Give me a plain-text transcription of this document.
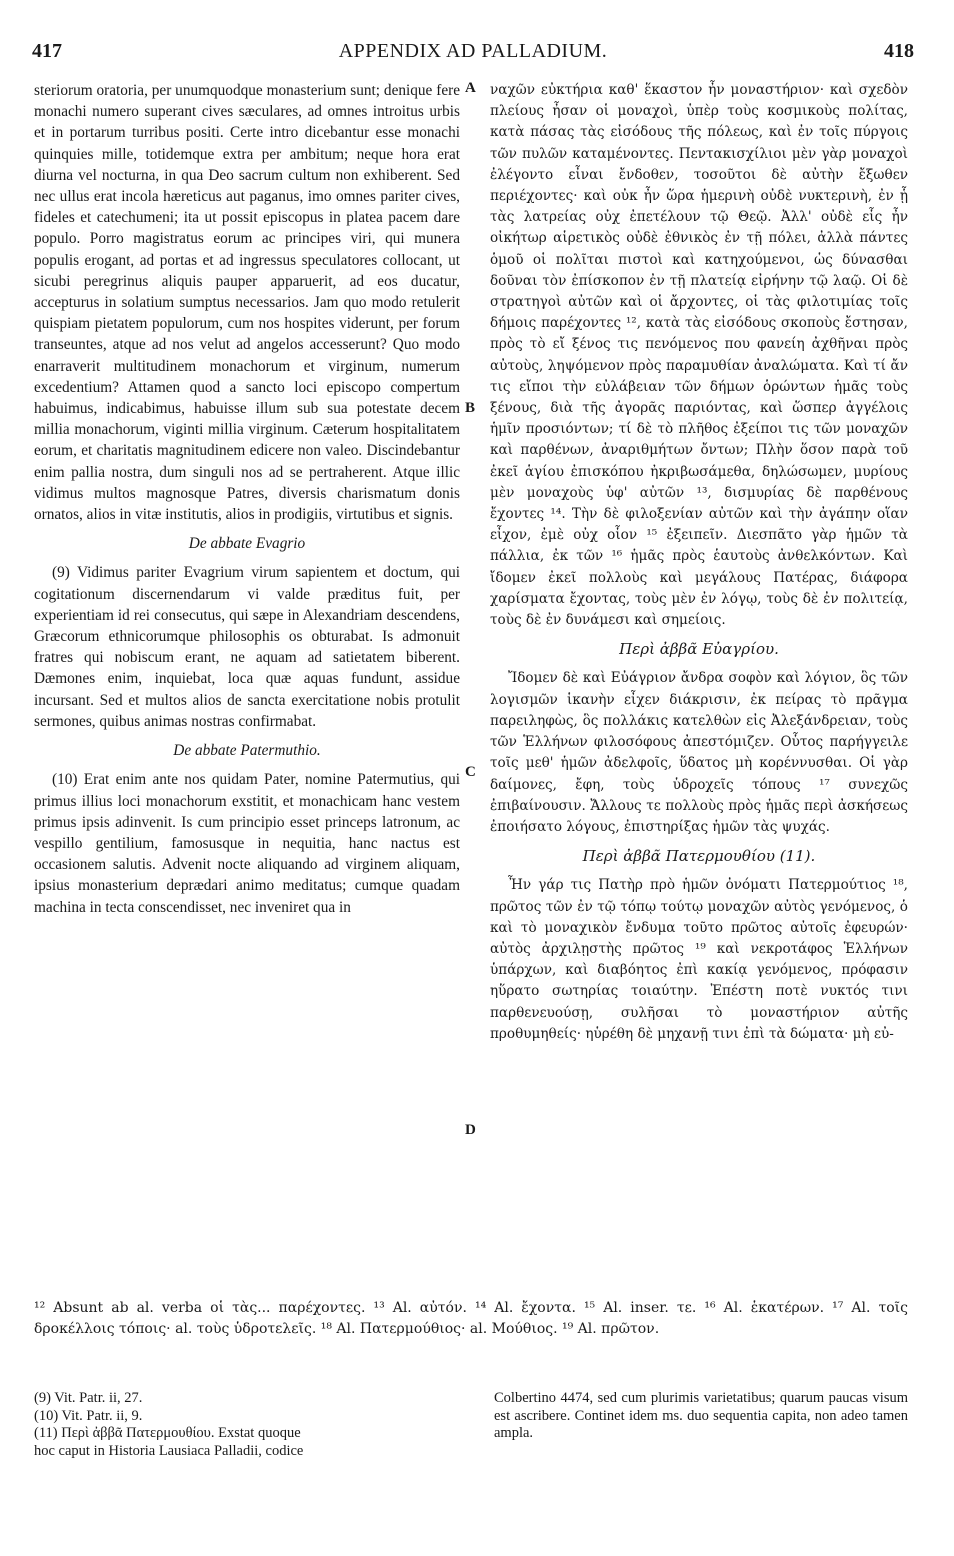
417	APPENDIX AD PALLADIUM.	418
A
B
C
D

steriorum oratoria, per unumquodque monasterium sunt; denique fere monachi numero superant cives sæculares, ad omnes introitus urbis et in portarum turribus positi. Certe intro dicebantur esse monachi quinquies mille, totidemque extra per ambitum; neque hora erat diurna vel nocturna, in qua Deo sacrum cultum non exhiberent. Sed nec ullus erat incola hæreticus aut paganus, imo omnes pariter cives, fideles et catechumeni; ita ut possit episcopus in platea pacem dare populo. Porro magistratus eorum ac principes viri, qui munera populis erogant, ad portas et ad ingressus speculatores collocant, ut sicubi peregrinus aliquis pauper apparuerit, ad eos ducatur, accepturus in solatium sumptus necessarios. Jam quo modo retulerit quispiam pietatem populorum, cum nos hospites viderunt, per forum transeuntes, atque ad nos velut ad angelos accesserunt? Quo modo enarraverit multitudinem monachorum et virginum, numerum excedentium? Attamen quod a sancto loci episcopo compertum habuimus, indicabimus, habuisse illum sub sua potestate decem millia monachorum, viginti millia virginum. Cæterum hospitalitatem eorum, et charitatis magnitudinem edicere non valeo. Discindebantur enim pallia nostra, dum singuli nos ad se pertraherent. Atque illic vidimus multos magnosque Patres, diversis charismatum donis ornatos, alios in vitæ institutis, alios in prodigiis, virtutibus et signis.

De abbate Evagrio

(9) Vidimus pariter Evagrium virum sapientem et doctum, qui cogitationum discernendarum vi valde præditus fuit, per experientiam id rei consecutus, qui sæpe in Alexandriam descendens, Græcorum ethnicorumque philosophis os obturabat. Is admonuit fratres qui nobiscum erant, ne aquam ad satietatem biberent. Dæmones enim, inquiebat, loca quæ aquas fundunt, assidue incursant. Sed et multos alios de sancta exercitatione nobis protulit sermones, quibus animas nostras confirmabat.

De abbate Patermuthio.

(10) Erat enim ante nos quidam Pater, nomine Patermutius, qui primus illius loci monachorum exstitit, et monachicam hanc vestem primus ipsis adinvenit. Is cum principio esset princeps latronum, ac vespillo gentilium, famosusque in nequitia, hanc nactus est occasionem salutis. Advenit nocte aliquando ad virginem aliquam, ipsius monasterium deprædari animo meditatus; cumque quadam machina in tecta conscendisset, nec inveniret qua in

ναχῶν εὐκτήρια καθ' ἕκαστον ἦν μοναστήριον· καὶ σχεδὸν πλείους ἦσαν οἱ μοναχοὶ, ὑπὲρ τοὺς κοσμικοὺς πολίτας, κατὰ πάσας τὰς εἰσόδους τῆς πόλεως, καὶ ἐν τοῖς πύργοις τῶν πυλῶν καταμένοντες. Πεντακισχίλιοι μὲν γὰρ μοναχοὶ ἐλέγοντο εἶναι ἔνδοθεν, τοσοῦτοι δὲ αὐτὴν ἔξωθεν περιέχοντες· καὶ οὐκ ἦν ὥρα ἡμερινὴ οὐδὲ νυκτερινὴ, ἐν ᾗ τὰς λατρείας οὐχ ἐπετέλουν τῷ Θεῷ. Ἀλλ' οὐδὲ εἷς ἦν οἰκήτωρ αἱρετικὸς οὐδὲ ἐθνικὸς ἐν τῇ πόλει, ἀλλὰ πάντες ὁμοῦ οἱ πολῖται πιστοὶ καὶ κατηχούμενοι, ὡς δύνασθαι δοῦναι τὸν ἐπίσκοπον ἐν τῇ πλατείᾳ εἰρήνην τῷ λαῷ. Οἱ δὲ στρατηγοὶ αὐτῶν καὶ οἱ ἄρχοντες, οἱ τὰς φιλοτιμίας τοῖς δήμοις παρέχοντες ¹², κατὰ τὰς εἰσόδους σκοποὺς ἔστησαν, πρὸς τὸ εἴ ξένος τις πενόμενος που φανείη ἀχθῆναι πρὸς αὐτοὺς, ληψόμενον πρὸς παραμυθίαν ἀναλώματα. Καὶ τί ἄν τις εἴποι τὴν εὐλάβειαν τῶν δήμων ὁρώντων ἡμᾶς τοὺς ξένους, διὰ τῆς ἀγορᾶς παριόντας, καὶ ὥσπερ ἀγγέλοις ἡμῖν προσιόντων; τί δὲ τὸ πλῆθος ἐξείποι τις τῶν μοναχῶν καὶ παρθένων, ἀναριθμήτων ὄντων; Πλὴν ὅσον παρὰ τοῦ ἐκεῖ ἁγίου ἐπισκόπου ἠκριβωσάμεθα, δηλώσωμεν, μυρίους μὲν μοναχοὺς ὑφ' αὐτῶν ¹³, δισμυρίας δὲ παρθένους ἔχοντες ¹⁴. Τὴν δὲ φιλοξενίαν αὐτῶν καὶ τὴν ἀγάπην οἵαν εἶχον, ἐμὲ οὐχ οἷον ¹⁵ ἐξειπεῖν. Διεσπᾶτο γὰρ ἡμῶν τὰ πάλλια, ἐκ τῶν ¹⁶ ἡμᾶς πρὸς ἑαυτοὺς ἀνθελκόντων. Καὶ ἴδομεν ἐκεῖ πολλοὺς καὶ μεγάλους Πατέρας, διάφορα χαρίσματα ἔχοντας, τοὺς μὲν ἐν λόγῳ, τοὺς δὲ ἐν πολιτείᾳ, τοὺς δὲ ἐν δυνάμεσι καὶ σημείοις.

Περὶ ἀββᾶ Εὐαγρίου.

Ἴδομεν δὲ καὶ Εὐάγριον ἄνδρα σοφὸν καὶ λόγιον, ὃς τῶν λογισμῶν ἱκανὴν εἶχεν διάκρισιν, ἐκ πείρας τὸ πρᾶγμα παρειληφὼς, ὃς πολλάκις κατελθὼν εἰς Ἀλεξάνδρειαν, τοὺς τῶν Ἑλλήνων φιλοσόφους ἀπεστόμιζεν. Οὗτος παρήγγειλε τοῖς μεθ' ἡμῶν ἀδελφοῖς, ὕδατος μὴ κορέννυσθαι. Οἱ γὰρ δαίμονες, ἔφη, τοὺς ὑδροχεῖς τόπους ¹⁷ συνεχῶς ἐπιβαίνουσιν. Ἄλλους τε πολλοὺς πρὸς ἡμᾶς περὶ ἀσκήσεως ἐποιήσατο λόγους, ἐπιστηρίξας ἡμῶν τὰς ψυχάς.

Περὶ ἀββᾶ Πατερμουθίου (11).

Ἦν γάρ τις Πατὴρ πρὸ ἡμῶν ὀνόματι Πατερμούτιος ¹⁸, πρῶτος τῶν ἐν τῷ τόπῳ τούτῳ μοναχῶν αὐτὸς γενόμενος, ὁ καὶ τὸ μοναχικὸν ἔνδυμα τοῦτο πρῶτος αὐτοῖς ἐφευρών· αὐτὸς ἀρχιλῃστὴς πρῶτος ¹⁹ καὶ νεκροτάφος Ἑλλήνων ὑπάρχων, καὶ διαβόητος ἐπὶ κακίᾳ γενόμενος, πρόφασιν ηὕρατο σωτηρίας τοιαύτην. Ἐπέστη ποτὲ νυκτός τινι παρθενευούσῃ, συλῆσαι τὸ μοναστήριον αὐτῆς προθυμηθείς· ηὑρέθη δὲ μηχανῇ τινι ἐπὶ τὰ δώματα· μὴ εὐ-

¹² Absunt ab al. verba οἱ τὰς... παρέχοντες. ¹³ Al. αὐτόν. ¹⁴ Al. ἔχοντα. ¹⁵ Al. inser. τε. ¹⁶ Al. ἑκατέρων. ¹⁷ Al. τοῖς δροκέλλοις τόποις· al. τοὺς ὑδροτελεῖς. ¹⁸ Al. Πατερμούθιος· al. Μούθιος. ¹⁹ Al. πρῶτον.
(9) Vit. Patr. ii, 27.
(10) Vit. Patr. ii, 9.
(11) Περὶ ἀββᾶ Πατερμουθίου. Exstat quoque
hoc caput in Historia Lausiaca Palladii, codice
Colbertino 4474, sed cum plurimis varietatibus; quarum paucas visum est ascribere. Continet idem ms. duo sequentia capita, non adeo tamen ampla.
